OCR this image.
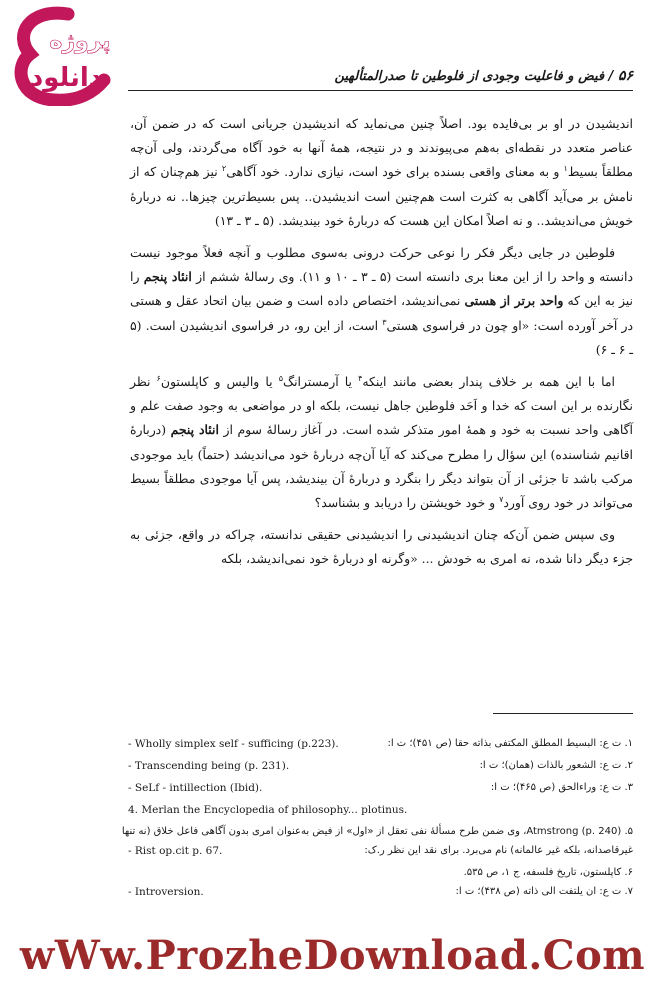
پروژه
دانلود	۵۶ / فیض و فاعلیت وجودی از فلوطین تا صدرالمتألهین

اندیشیدن در او بر بی‌فایده بود. اصلاً چنین می‌نماید که اندیشیدن جریانی است که در ضمن آن، عناصر متعدد در نقطه‌ای به‌هم می‌پیوندند و در نتیجه، همهٔ آنها به خود آگاه می‌گردند، ولی آن‌چه مطلقاً بسیط$^۱$ و به معنای واقعی بسنده برای خود است، نیازی ندارد. خود آگاهی$^۲$ نیز هم‌چنان که از نامش بر می‌آید آگاهی به کثرت است هم‌چنین است اندیشیدن.. پس بسیط‌ترین چیزها.. نه دربارهٔ خویش می‌اندیشد.. و نه اصلاً امکان این هست که دربارهٔ خود بیندیشد. (۵ ـ ۳ ـ ۱۳)

فلوطین در جایی دیگر فکر را نوعی حرکت درونی به‌سوی مطلوب و آنچه فعلاً موجود نیست دانسته و واحد را از این معنا بری دانسته است (۵ ـ ۳ ـ ۱۰ و ۱۱). وی رسالهٔ ششم از انئاد پنجم را نیز به این که واحد برتر از هستی نمی‌اندیشد، اختصاص داده است و ضمن بیان اتحاد عقل و هستی در آخر آورده است: «او چون در فراسوی هستی$^۳$ است، از این رو، در فراسوی اندیشیدن است. (۵ ـ ۶ ـ ۶)

اما با این همه بر خلاف پندار بعضی مانند اینکه$^۴$ یا آرمسترانگ$^۵$ یا والیس و کاپلستون$^۶$ نظر نگارنده بر این است که خدا و اَحَد فلوطین جاهل نیست، بلکه او در مواضعی به وجود صفت علم و آگاهی واحد نسبت به خود و همهٔ امور متذکر شده است. در آغاز رسالهٔ سوم از انئاد پنجم (دربارهٔ اقانیم شناسنده) این سؤال را مطرح می‌کند که آیا آن‌چه دربارهٔ خود می‌اندیشد (حتماً) باید موجودی مرکب باشد تا جزئی از آن بتواند دیگر را بنگرد و دربارهٔ آن بیندیشد، پس آیا موجودی مطلقاً بسیط می‌تواند در خود روی آورد$^۷$ و خود خویشتن را دریابد و بشناسد؟

وی سپس ضمن آن‌که چنان اندیشیدنی را اندیشیدنی حقیقی ندانسته، چراکه در واقع، جزئی به جزء دیگر دانا شده، نه امری به خودش ... «وگرنه او دربارهٔ خود نمی‌اندیشد، بلکه

۱. ت ع: البسیط المطلق المکتفی بذاته حقا (ص ۴۵۱)؛ ت ا:
- Wholly simplex self - sufficing (p.223).
۲. ت ع: الشعور بالذات (همان)؛ ت ا:
- Transcending being (p. 231).
۳. ت ع: وراءالحق (ص ۴۶۵)؛ ت ا:
- SeLf - intillection (Ibid).
4. Merlan the Encyclopedia of philosophy... plotinus.
۵. Atmstrong (p. 240)، وی ضمن طرح مسألهٔ نفی تعقل از «اول» از فیض به‌عنوان امری بدون آگاهی فاعل خلاق (نه تنها
غیرقاصدانه، بلکه غیر عالمانه) نام می‌برد. برای نقد این نظر ر.ک:
- Rist op.cit p. 67.
۶. کاپلستون، تاریخ فلسفه، ج ۱، ص ۵۳۵.
۷. ت ع: ان یلتفت الی ذاته (ص ۴۳۸)؛ ت ا:
- Introversion.
wWw.ProzheDownload.Com
